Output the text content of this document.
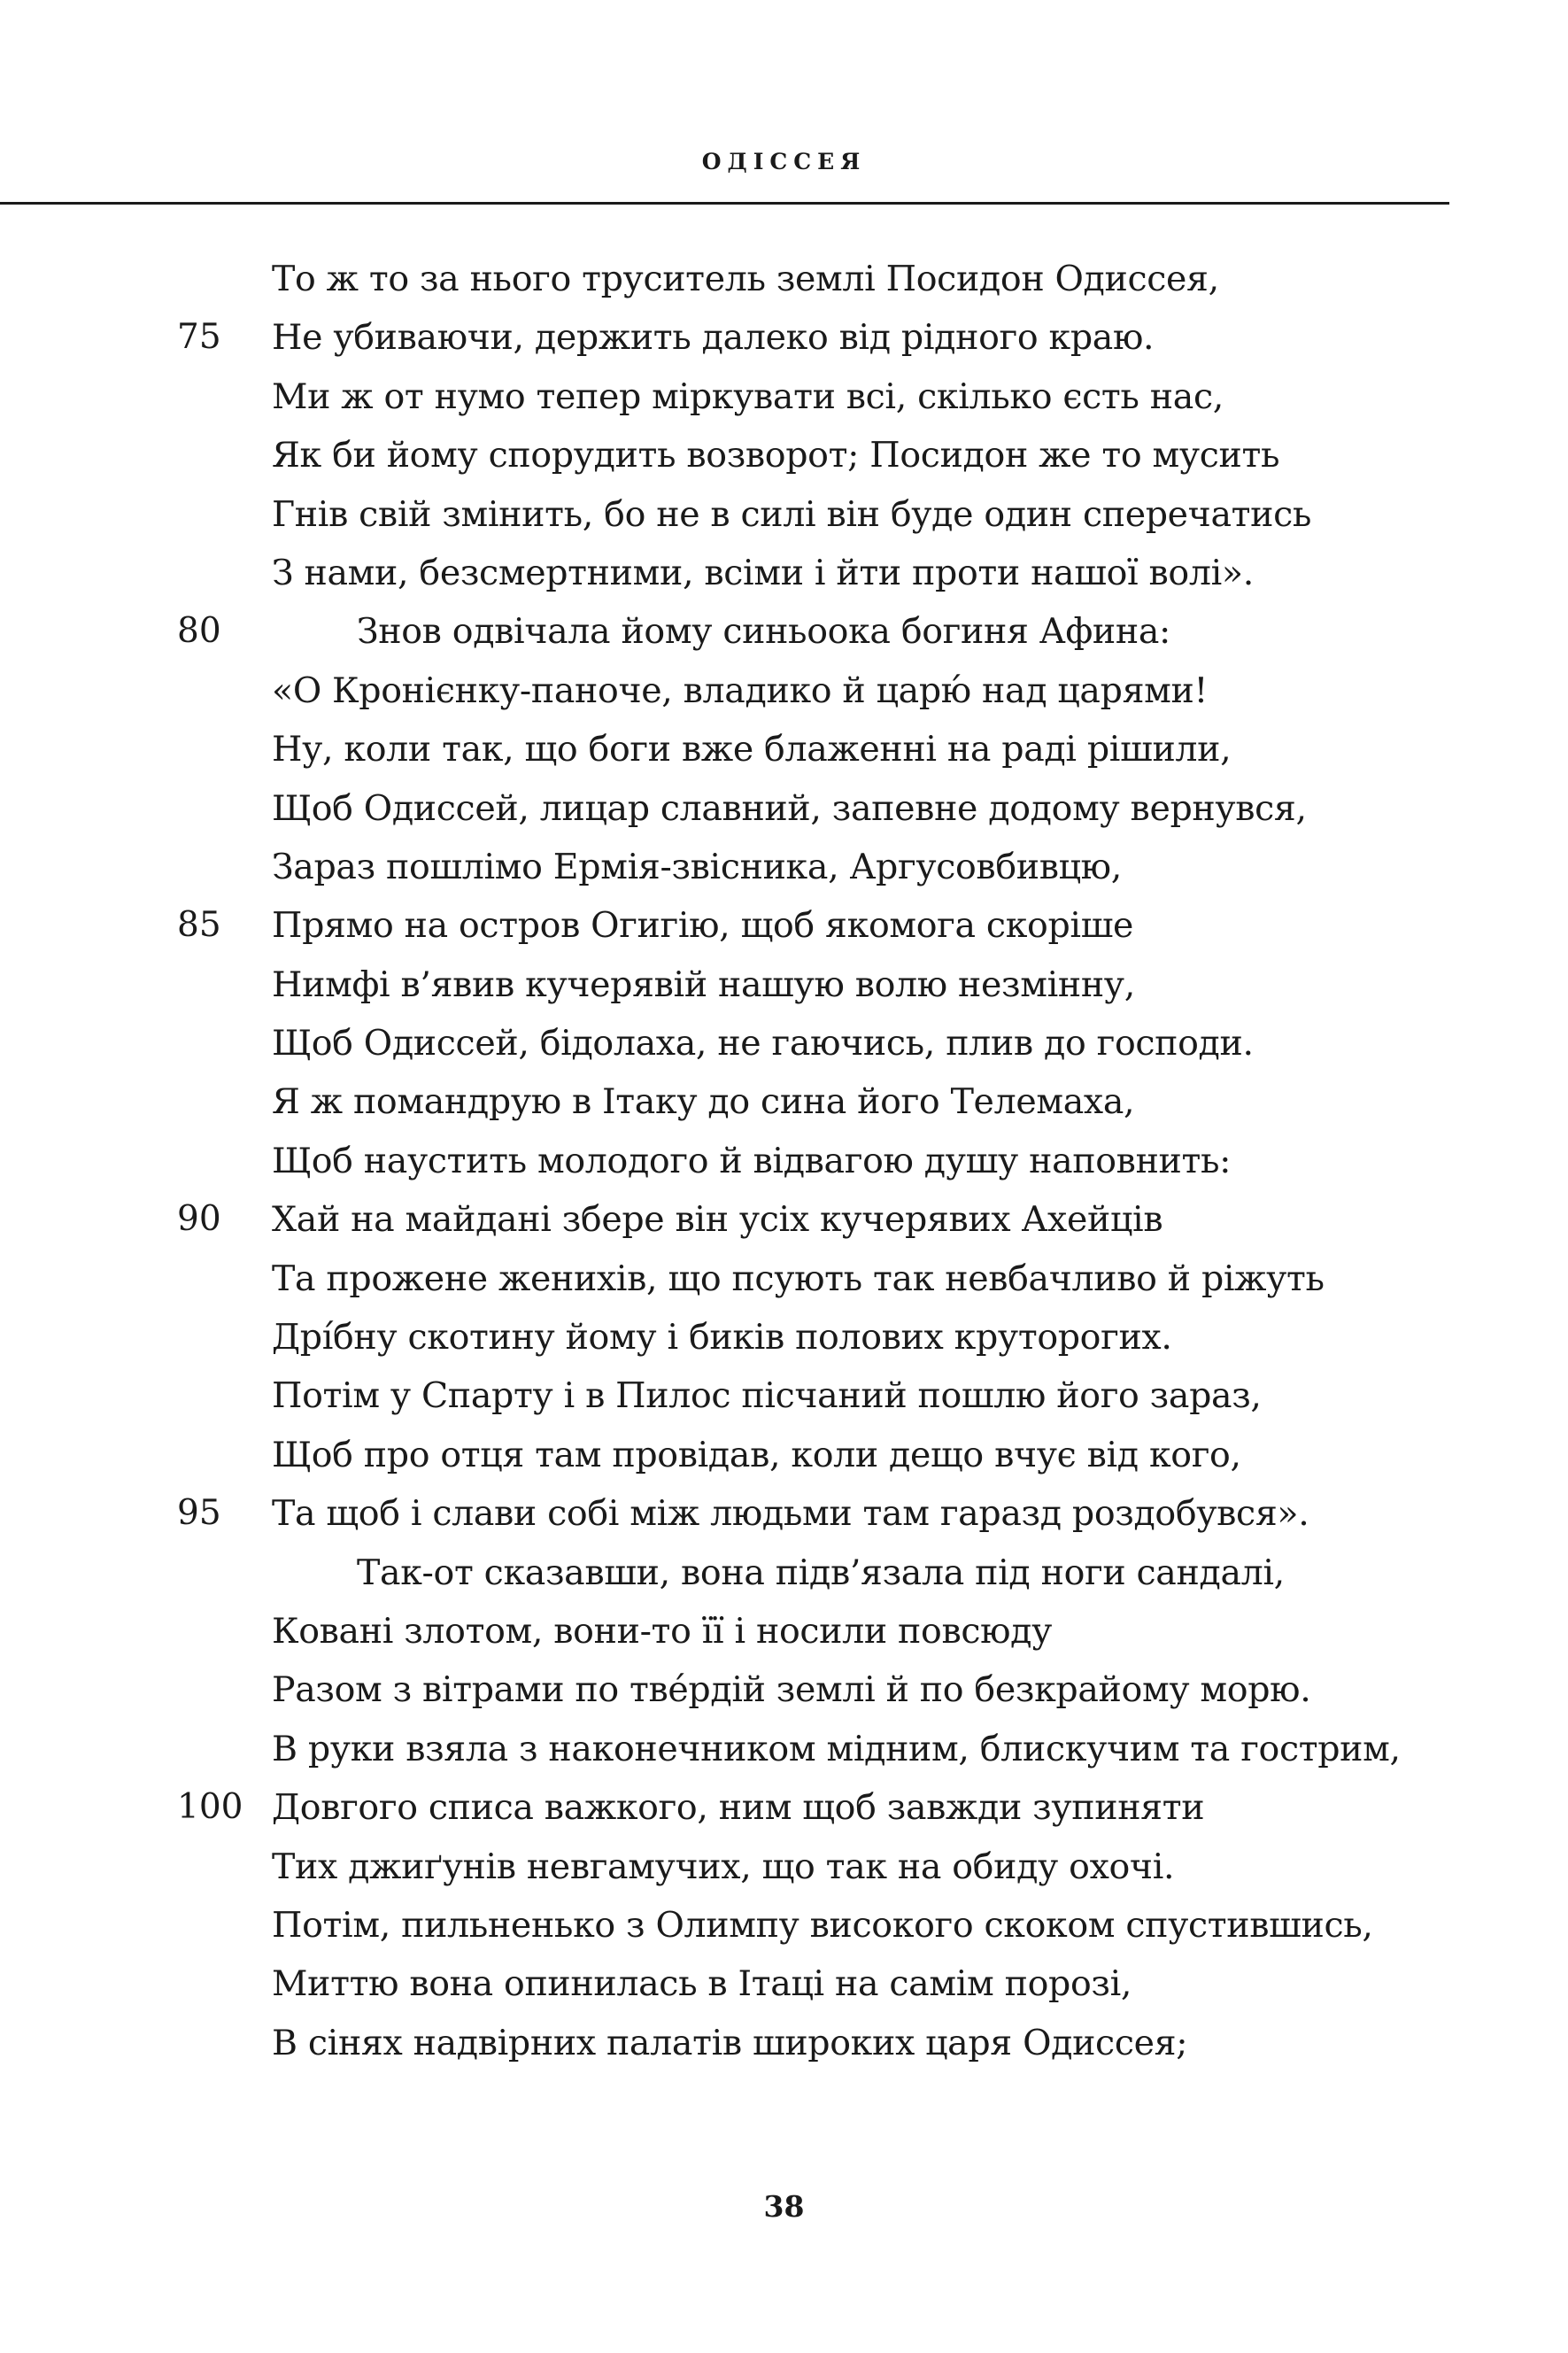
ОДІССЕЯ
То ж то за нього труситель землі Посидон Одиссея,
75 Не убиваючи, держить далеко від рідного краю.
Ми ж от нумо тепер міркувати всі, скілько єсть нас,
Як би йому спорудить возворот; Посидон же то мусить
Гнів свій змінить, бо не в силі він буде один сперечатись
З нами, безсмертними, всіми і йти проти нашої волі».
80	Знов одвічала йому синьоока богиня Афина:
«О Кронієнку-паноче, владико й царю́ над царями!
Ну, коли так, що боги вже блаженні на раді рішили,
Щоб Одиссей, лицар славний, запевне додому вернувся,
Зараз пошлімо Ермія-звісника, Аргусовбивцю,
85 Прямо на остров Огигію, щоб якомога скоріше
Нимфі в’явив кучерявій нашую волю незмінну,
Щоб Одиссей, бідолаха, не гаючись, плив до господи.
Я ж помандрую в Ітаку до сина його Телемаха,
Щоб наустить молодого й відвагою душу наповнить:
90 Хай на майдані збере він усіх кучерявих Ахейців
Та прожене женихів, що псують так невбачливо й ріжуть
Дрі́бну скотину йому і биків полових круторогих.
Потім у Спарту і в Пилос пісчаний пошлю його зараз,
Щоб про отця там провідав, коли дещо вчує від кого,
95 Та щоб і слави собі між людьми там гаразд роздобувся».
Так-от сказавши, вона підв’язала під ноги сандалі,
Ковані злотом, вони-то її і носили повсюду
Разом з вітрами по тве́рдій землі й по безкрайому морю.
В руки взяла з наконечником мідним, блискучим та гострим,
100 Довгого списа важкого, ним щоб завжди зупиняти
Тих джиґунів невгамучих, що так на обиду охочі.
Потім, пильненько з Олимпу високого скоком спустившись,
Миттю вона опинилась в Ітаці на самім порозі,
В сінях надвірних палатів широких царя Одиссея;
38
